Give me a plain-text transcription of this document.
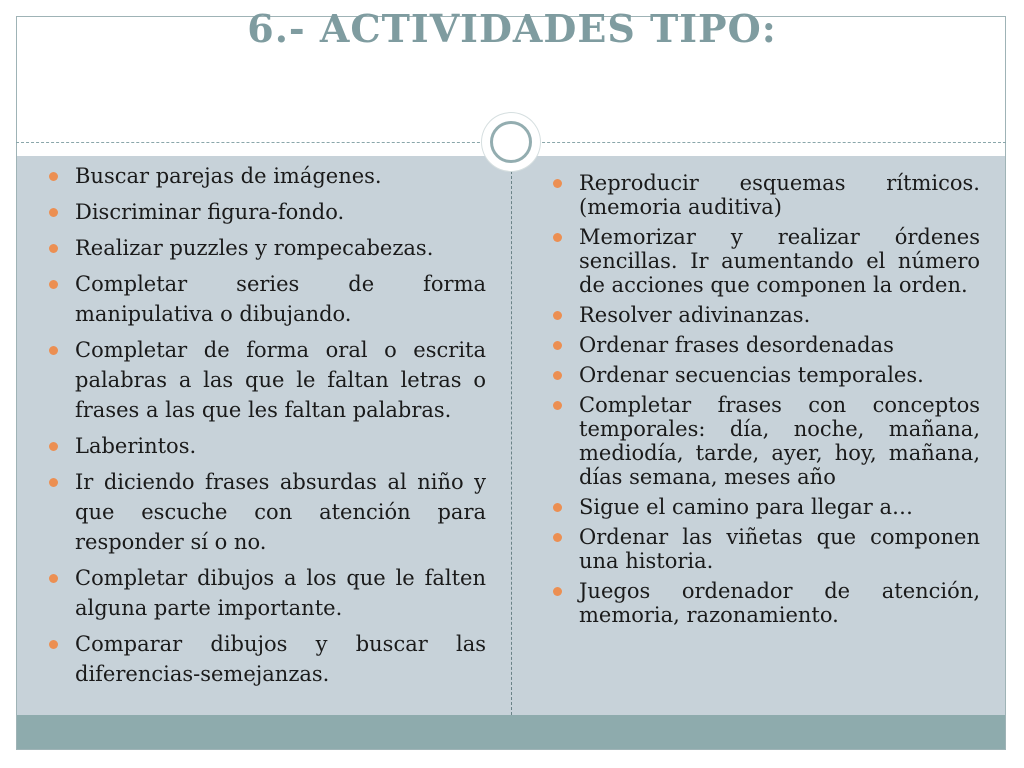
6.- ACTIVIDADES TIPO:
Buscar parejas de imágenes.
Discriminar figura-fondo.
Realizar puzzles y rompecabezas.
Completar series de forma manipulativa o dibujando.
Completar de forma oral o escrita palabras a las que le faltan letras o frases a las que les faltan palabras.
Laberintos.
Ir diciendo frases absurdas al niño y que escuche con atención para responder sí o no.
Completar dibujos a los que le falten alguna parte importante.
Comparar dibujos y buscar las diferencias-semejanzas.
Reproducir esquemas rítmicos. (memoria auditiva)
Memorizar y realizar órdenes sencillas. Ir aumentando el número de acciones que componen la orden.
Resolver adivinanzas.
Ordenar frases desordenadas
Ordenar secuencias temporales.
Completar frases con conceptos temporales: día, noche, mañana, mediodía, tarde, ayer, hoy, mañana, días semana, meses año
Sigue el camino para llegar a…
Ordenar las viñetas que componen una historia.
Juegos ordenador de atención, memoria, razonamiento.
